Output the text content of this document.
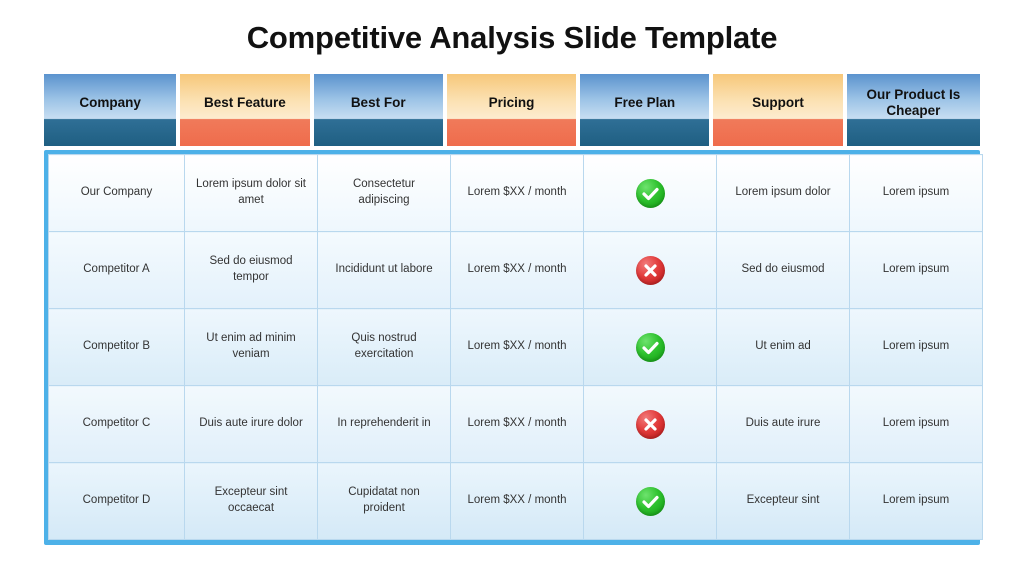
Competitive Analysis Slide Template
Company	Best Feature	Best For	Pricing	Free Plan	Support

Our Product Is Cheaper
Our Company	Lorem ipsum dolor sit amet	Consectetur adipiscing	Lorem $XX / month		Lorem ipsum dolor	Lorem ipsum
Competitor A	Sed do eiusmod tempor	Incididunt ut labore	Lorem $XX / month		Sed do eiusmod	Lorem ipsum
Competitor B	Ut enim ad minim veniam	Quis nostrud exercitation	Lorem $XX / month		Ut enim ad	Lorem ipsum
Competitor C	Duis aute irure dolor	In reprehenderit in	Lorem $XX / month		Duis aute irure	Lorem ipsum
Competitor D	Excepteur sint occaecat	Cupidatat non proident	Lorem $XX / month		Excepteur sint	Lorem ipsum
